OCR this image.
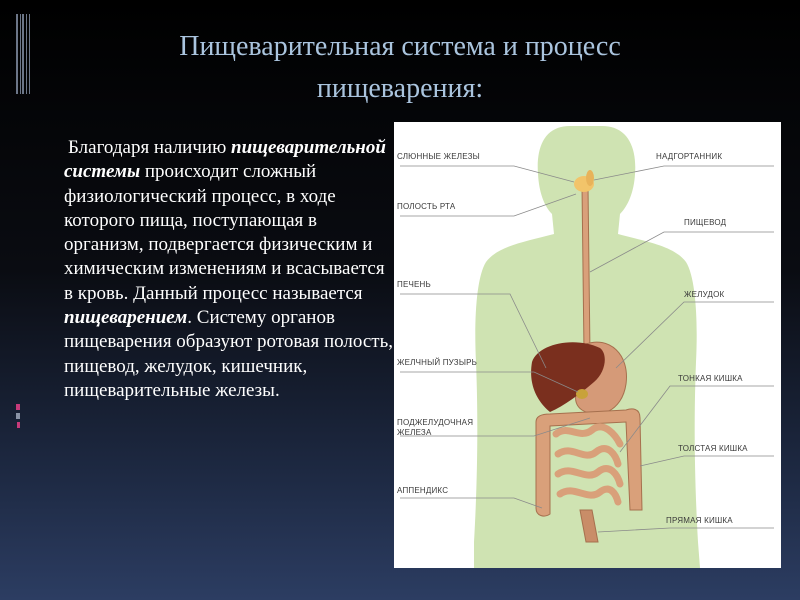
Пищеварительная система и процесс
пищеварения:
Благодаря наличию пищеварительной системы происходит сложный физиологический процесс, в ходе которого пища, поступающая в организм, подвергается физическим и химическим изменениям и всасывается в кровь. Данный процесс называется пищеварением. Систему органов пищеварения образуют ротовая полость, пищевод, желудок, кишечник, пищеварительные железы.
СЛЮННЫЕ ЖЕЛЕЗЫ
ПОЛОСТЬ РТА
ПЕЧЕНЬ
ЖЕЛЧНЫЙ ПУЗЫРЬ
ПОДЖЕЛУДОЧНАЯ ЖЕЛЕЗА
АППЕНДИКС
НАДГОРТАННИК
ПИЩЕВОД
ЖЕЛУДОК
ТОНКАЯ КИШКА
ТОЛСТАЯ КИШКА
ПРЯМАЯ КИШКА
